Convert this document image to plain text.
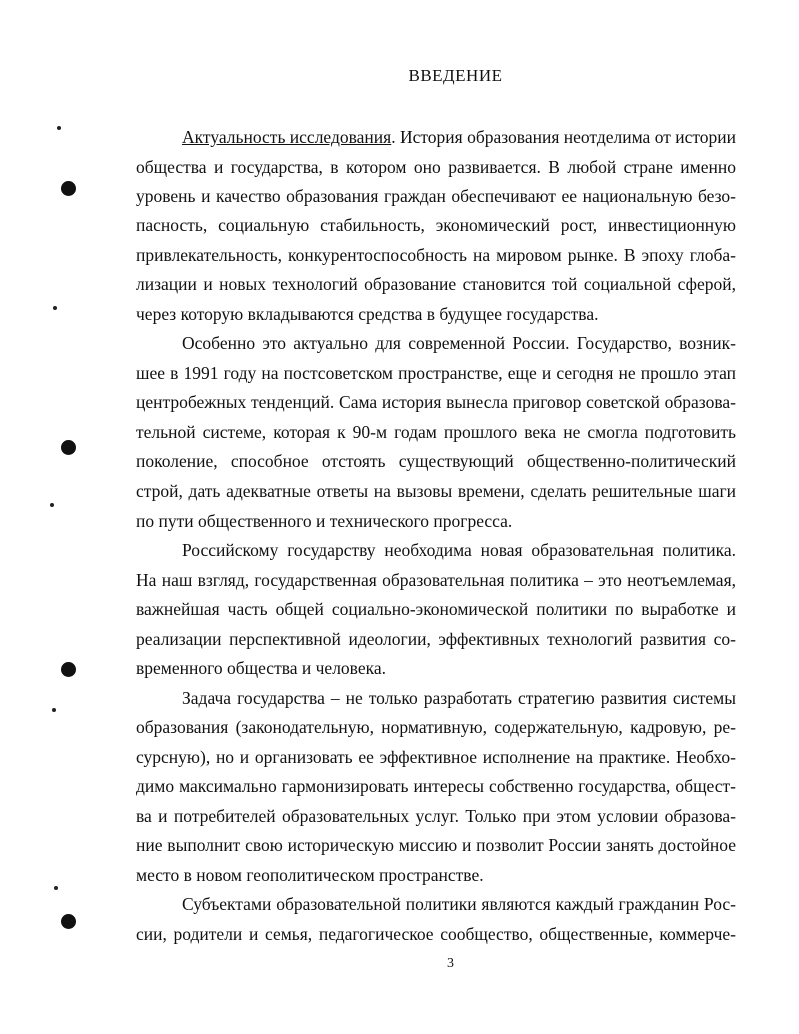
ВВЕДЕНИЕ
Актуальность исследования. История образования неотделима от истории
общества и государства, в котором оно развивается. В любой стране именно
уровень и качество образования граждан обеспечивают ее национальную безо-
пасность, социальную стабильность, экономический рост, инвестиционную
привлекательность, конкурентоспособность на мировом рынке. В эпоху глоба-
лизации и новых технологий образование становится той социальной сферой,
через которую вкладываются средства в будущее государства.
Особенно это актуально для современной России. Государство, возник-
шее в 1991 году на постсоветском пространстве, еще и сегодня не прошло этап
центробежных тенденций. Сама история вынесла приговор советской образова-
тельной системе, которая к 90-м годам прошлого века не смогла подготовить
поколение, способное отстоять существующий общественно-политический
строй, дать адекватные ответы на вызовы времени, сделать решительные шаги
по пути общественного и технического прогресса.
Российскому государству необходима новая образовательная политика.
На наш взгляд, государственная образовательная политика – это неотъемлемая,
важнейшая часть общей социально-экономической политики по выработке и
реализации перспективной идеологии, эффективных технологий развития со-
временного общества и человека.
Задача государства – не только разработать стратегию развития системы
образования (законодательную, нормативную, содержательную, кадровую, ре-
сурсную), но и организовать ее эффективное исполнение на практике. Необхо-
димо максимально гармонизировать интересы собственно государства, общест-
ва и потребителей образовательных услуг. Только при этом условии образова-
ние выполнит свою историческую миссию и позволит России занять достойное
место в новом геополитическом пространстве.
Субъектами образовательной политики являются каждый гражданин Рос-
сии, родители и семья, педагогическое сообщество, общественные, коммерче-
3
